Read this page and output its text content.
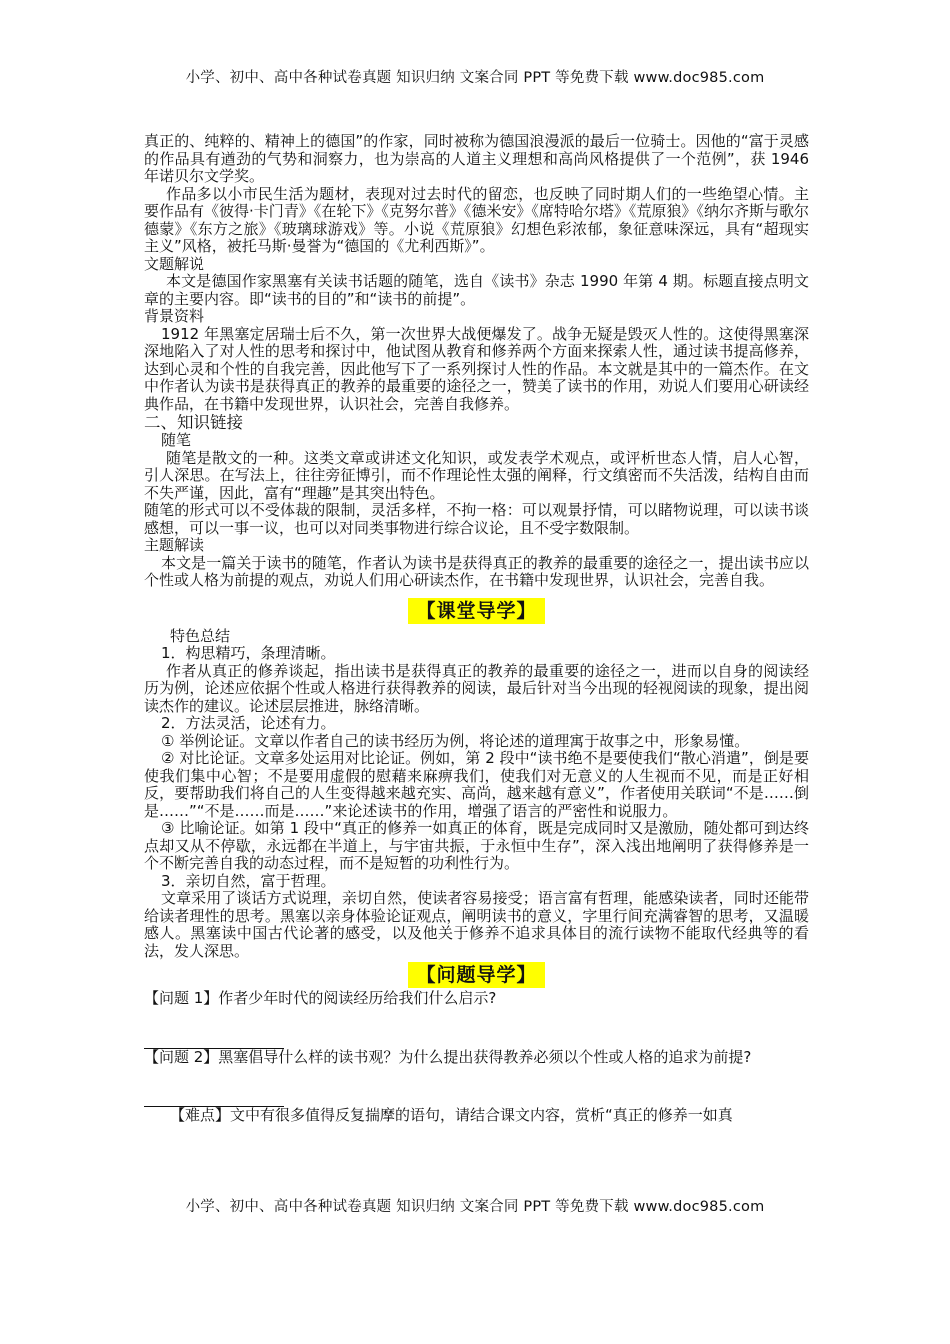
小学、初中、高中各种试卷真题 知识归纳 文案合同 PPT 等免费下载 www.doc985.com

真正的、纯粹的、精神上的德国”的作家，同时被称为德国浪漫派的最后一位骑士。因他的“富于灵感的作品具有遒劲的气势和洞察力，也为崇高的人道主义理想和高尚风格提供了一个范例”，获 1946 年诺贝尔文学奖。

作品多以小市民生活为题材，表现对过去时代的留恋，也反映了同时期人们的一些绝望心情。主要作品有《彼得·卡门青》《在轮下》《克努尔普》《德米安》《席特哈尔塔》《荒原狼》《纳尔齐斯与歌尔德蒙》《东方之旅》《玻璃球游戏》等。小说《荒原狼》幻想色彩浓郁，象征意味深远，具有“超现实主义”风格，被托马斯·曼誉为“德国的《尤利西斯》”。

文题解说

本文是德国作家黑塞有关读书话题的随笔，选自《读书》杂志 1990 年第 4 期。标题直接点明文章的主要内容。即“读书的目的”和“读书的前提”。

背景资料

1912 年黑塞定居瑞士后不久，第一次世界大战便爆发了。战争无疑是毁灭人性的。这使得黑塞深深地陷入了对人性的思考和探讨中，他试图从教育和修养两个方面来探索人性，通过读书提高修养，达到心灵和个性的自我完善，因此他写下了一系列探讨人性的作品。本文就是其中的一篇杰作。在文中作者认为读书是获得真正的教养的最重要的途径之一，赞美了读书的作用，劝说人们要用心研读经典作品，在书籍中发现世界，认识社会，完善自我修养。

二、知识链接

随笔

随笔是散文的一种。这类文章或讲述文化知识，或发表学术观点，或评析世态人情，启人心智，引人深思。在写法上，往往旁征博引，而不作理论性太强的阐释，行文缜密而不失活泼，结构自由而不失严谨，因此，富有“理趣”是其突出特色。

随笔的形式可以不受体裁的限制，灵活多样，不拘一格：可以观景抒情，可以睹物说理，可以读书谈感想，可以一事一议，也可以对同类事物进行综合议论，且不受字数限制。

主题解读

本文是一篇关于读书的随笔，作者认为读书是获得真正的教养的最重要的途径之一，提出读书应以个性或人格为前提的观点，劝说人们用心研读杰作，在书籍中发现世界，认识社会，完善自我。

【课堂导学】

特色总结

1．构思精巧，条理清晰。

作者从真正的修养谈起，指出读书是获得真正的教养的最重要的途径之一，进而以自身的阅读经历为例，论述应依据个性或人格进行获得教养的阅读，最后针对当今出现的轻视阅读的现象，提出阅读杰作的建议。论述层层推进，脉络清晰。

2．方法灵活，论述有力。

① 举例论证。文章以作者自己的读书经历为例，将论述的道理寓于故事之中，形象易懂。

② 对比论证。文章多处运用对比论证。例如，第 2 段中“读书绝不是要使我们“散心消遣”，倒是要使我们集中心智；不是要用虚假的慰藉来麻痹我们，使我们对无意义的人生视而不见，而是正好相反，要帮助我们将自己的人生变得越来越充实、高尚，越来越有意义”，作者使用关联词“不是……倒是……”“不是……而是……”来论述读书的作用，增强了语言的严密性和说服力。

③ 比喻论证。如第 1 段中“真正的修养一如真正的体育，既是完成同时又是激励，随处都可到达终点却又从不停歇，永远都在半道上，与宇宙共振，于永恒中生存”，深入浅出地阐明了获得修养是一个不断完善自我的动态过程，而不是短暂的功利性行为。

3．亲切自然，富于哲理。

文章采用了谈话方式说理，亲切自然，使读者容易接受；语言富有哲理，能感染读者，同时还能带给读者理性的思考。黑塞以亲身体验论证观点，阐明读书的意义，字里行间充满睿智的思考，又温暖感人。黑塞读中国古代论著的感受，以及他关于修养不追求具体目的流行读物不能取代经典等的看法，发人深思。

【问题导学】

【问题 1】作者少年时代的阅读经历给我们什么启示?

【问题 2】黑塞倡导什么样的读书观？为什么提出获得教养必须以个性或人格的追求为前提?

【难点】文中有很多值得反复揣摩的语句，请结合课文内容，赏析“真正的修养一如真

小学、初中、高中各种试卷真题 知识归纳 文案合同 PPT 等免费下载 www.doc985.com
